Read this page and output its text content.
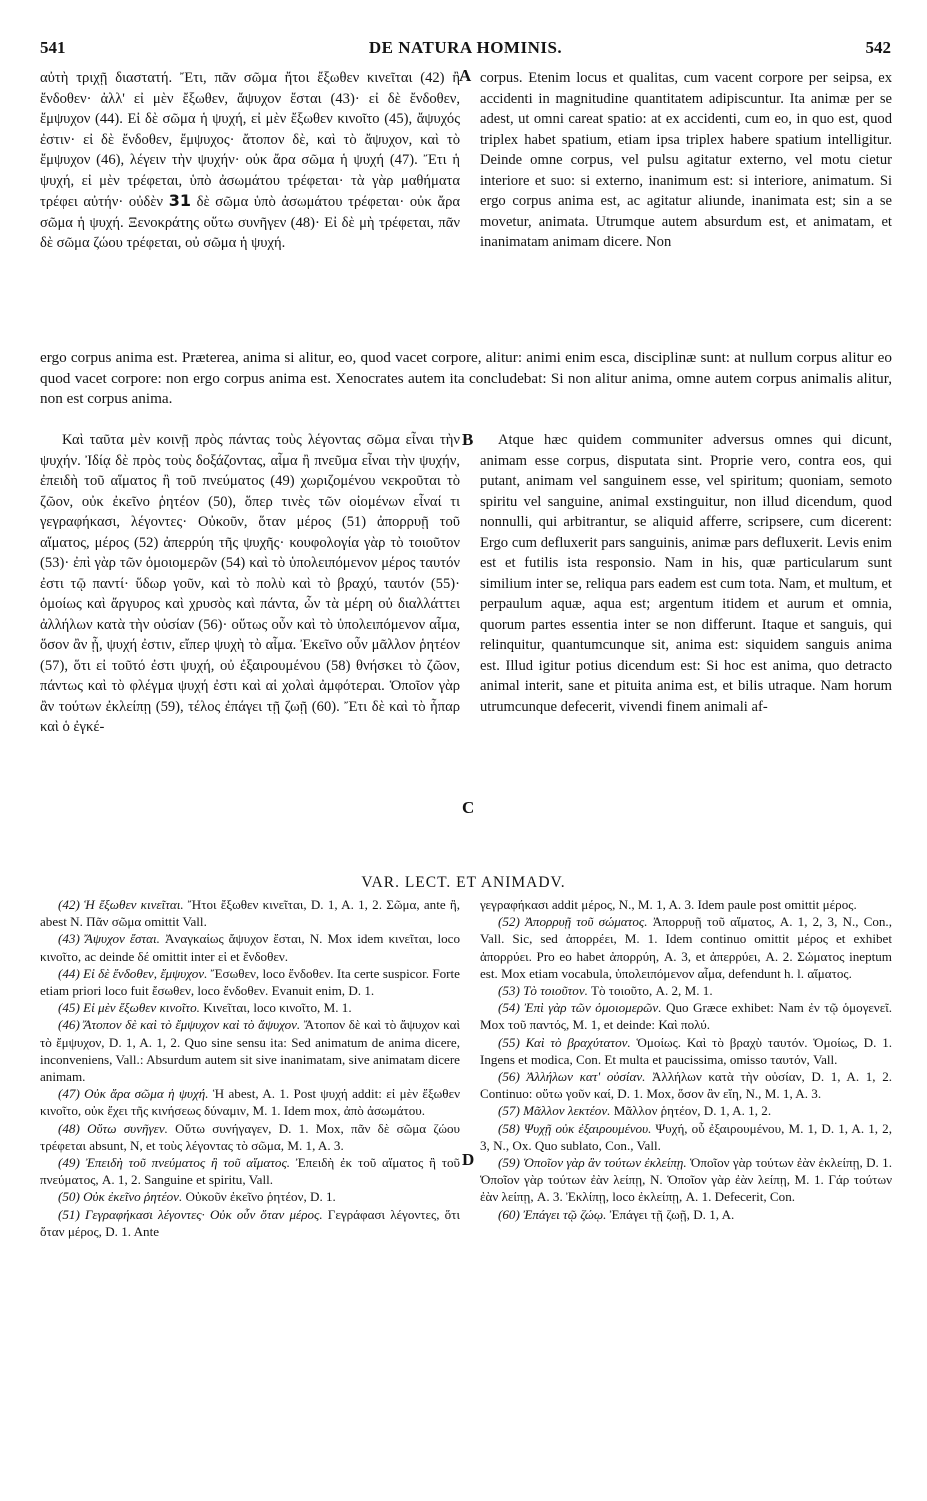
541	DE NATURA HOMINIS.	542
αὐτὴ τριχῇ διαστατή. Ἔτι, πᾶν σῶμα ἤτοι ἔξωθεν κινεῖται (42) ἢ ἔνδοθεν· ἀλλ' εἰ μὲν ἔξωθεν, ἄψυχον ἔσται (43)· εἰ δὲ ἔνδοθεν, ἔμψυχον (44). Εἰ δὲ σῶμα ἡ ψυχή, εἰ μὲν ἔξωθεν κινοῖτο (45), ἄψυχός ἐστιν· εἰ δὲ ἔνδοθεν, ἔμψυχος· ἄτοπον δὲ, καὶ τὸ ἄψυχον, καὶ τὸ ἔμψυχον (46), λέγειν τὴν ψυχήν· οὐκ ἄρα σῶμα ἡ ψυχή (47). Ἔτι ἡ ψυχή, εἰ μὲν τρέφεται, ὑπὸ ἀσωμάτου τρέφεται· τὰ γὰρ μαθήματα τρέφει αὐτήν· οὐδὲν 31 δὲ σῶμα ὑπὸ ἀσωμάτου τρέφεται· οὐκ ἄρα σῶμα ἡ ψυχή. Ξενοκράτης οὕτω συνῆγεν (48)· Εἰ δὲ μὴ τρέφεται, πᾶν δὲ σῶμα ζώου τρέφεται, οὐ σῶμα ἡ ψυχή.
A corpus. Etenim locus et qualitas, cum vacent corpore per seipsa, ex accidenti in magnitudine quantitatem adipiscuntur. Ita animæ per se adest, ut omni careat spatio: at ex accidenti, cum eo, in quo est, quod triplex habet spatium, etiam ipsa triplex habere spatium intelligitur. Deinde omne corpus, vel pulsu agitatur externo, vel motu cietur interiore et suo: si externo, inanimum est: si interiore, animatum. Si ergo corpus anima est, ac agitatur aliunde, inanimata est; sin a se movetur, animata. Utrumque autem absurdum est, et animatam, et inanimatam animam dicere. Non
ergo corpus anima est. Præterea, anima si alitur, eo, quod vacet corpore, alitur: animi enim esca, disciplinæ sunt: at nullum corpus alitur eo quod vacet corpore: non ergo corpus anima est. Xenocrates autem ita concludebat: Si non alitur anima, omne autem corpus animalis alitur, non est corpus anima.
Καὶ ταῦτα μὲν κοινῇ πρὸς πάντας τοὺς λέγοντας σῶμα εἶναι τὴν ψυχήν. Ἰδίᾳ δὲ πρὸς τοὺς δοξάζοντας, αἷμα ἢ πνεῦμα εἶναι τὴν ψυχήν, ἐπειδὴ τοῦ αἵματος ἢ τοῦ πνεύματος (49) χωριζομένου νεκροῦται τὸ ζῶον, οὐκ ἐκεῖνο ῥητέον (50), ὅπερ τινὲς τῶν οἰομένων εἶναί τι γεγραφήκασι, λέγοντες· Οὐκοῦν, ὅταν μέρος (51) ἀπορρυῇ τοῦ αἵματος, μέρος (52) ἀπερρύη τῆς ψυχῆς· κουφολογία γὰρ τὸ τοιοῦτον (53)· ἐπὶ γὰρ τῶν ὁμοιομερῶν (54) καὶ τὸ ὑπολειπόμενον μέρος ταυτόν ἐστι τῷ παντί· ὕδωρ γοῦν, καὶ τὸ πολὺ καὶ τὸ βραχύ, ταυτόν (55)· ὁμοίως καὶ ἄργυρος καὶ χρυσὸς καὶ πάντα, ὧν τὰ μέρη οὐ διαλλάττει ἀλλήλων κατὰ τὴν οὐσίαν (56)· οὕτως οὖν καὶ τὸ ὑπολειπόμενον αἷμα, ὅσον ἂν ᾖ, ψυχή ἐστιν, εἴπερ ψυχὴ τὸ αἷμα. Ἐκεῖνο οὖν μᾶλλον ῥητέον (57), ὅτι εἰ τοῦτό ἐστι ψυχή, οὐ ἐξαιρουμένου (58) θνήσκει τὸ ζῶον, πάντως καὶ τὸ φλέγμα ψυχή ἐστι καὶ αἱ χολαὶ ἀμφότεραι. Ὁποῖον γὰρ ἂν τούτων ἐκλείπῃ (59), τέλος ἐπάγει τῇ ζωῇ (60). Ἔτι δὲ καὶ τὸ ἧπαρ καὶ ὁ ἐγκέ-
B
C
Atque hæc quidem communiter adversus omnes qui dicunt, animam esse corpus, disputata sint. Proprie vero, contra eos, qui putant, animam vel sanguinem esse, vel spiritum; quoniam, semoto spiritu vel sanguine, animal exstinguitur, non illud dicendum, quod nonnulli, qui arbitrantur, se aliquid afferre, scripsere, cum dicerent: Ergo cum defluxerit pars sanguinis, animæ pars defluxerit. Levis enim est et futilis ista responsio. Nam in his, quæ particularum sunt similium inter se, reliqua pars eadem est cum tota. Nam, et multum, et perpaulum aquæ, aqua est; argentum itidem et aurum et omnia, quorum partes essentia inter se non differunt. Itaque et sanguis, qui relinquitur, quantumcunque sit, anima est: siquidem sanguis anima est. Illud igitur potius dicendum est: Si hoc est anima, quo detracto animal interit, sane et pituita anima est, et bilis utraque. Nam horum utrumcunque defecerit, vivendi finem animali af-
VAR. LECT. ET ANIMADV.
D

(42) Ἡ ἔξωθεν κινεῖται. Ἤτοι ἔξωθεν κινεῖται, D. 1, A. 1, 2. Σῶμα, ante ἢ, abest N. Πᾶν σῶμα omittit Vall.

(43) Ἄψυχον ἔσται. Ἀναγκαίως ἄψυχον ἔσται, N. Mox idem κινεῖται, loco κινοῖτο, ac deinde δέ omittit inter εἰ et ἔνδοθεν.

(44) Εἰ δὲ ἔνδοθεν, ἔμψυχον. Ἔσωθεν, loco ἔνδοθεν. Ita certe suspicor. Forte etiam priori loco fuit ἔσωθεν, loco ἔνδοθεν. Evanuit enim, D. 1.

(45) Εἰ μὲν ἔξωθεν κινοῖτο. Κινεῖται, loco κινοῖτο, M. 1.

(46) Ἄτοπον δὲ καὶ τὸ ἔμψυχον καὶ τὸ ἄψυχον. Ἄτοπον δὲ καὶ τὸ ἄψυχον καὶ τὸ ἔμψυχον, D. 1, A. 1, 2. Quo sine sensu ita: Sed animatum de anima dicere, inconveniens, Vall.: Absurdum autem sit sive inanimatam, sive animatam dicere animam.

(47) Οὐκ ἄρα σῶμα ἡ ψυχή. Ἡ abest, A. 1. Post ψυχή addit: εἰ μὲν ἔξωθεν κινοῖτο, οὐκ ἔχει τῆς κινήσεως δύναμιν, M. 1. Idem mox, ἀπὸ ἀσωμάτου.

(48) Οὕτω συνῆγεν. Οὕτω συνήγαγεν, D. 1. Mox, πᾶν δὲ σῶμα ζώου τρέφεται absunt, N, et τοὺς λέγοντας τὸ σῶμα, M. 1, A. 3.

(49) Ἐπειδὴ τοῦ πνεύματος ἢ τοῦ αἵματος. Ἐπειδὴ ἐκ τοῦ αἵματος ἢ τοῦ πνεύματος, A. 1, 2. Sanguine et spiritu, Vall.

(50) Οὐκ ἐκεῖνο ῥητέον. Οὐκοῦν ἐκεῖνο ῥητέον, D. 1.

(51) Γεγραφήκασι λέγοντες· Οὐκ οὖν ὅταν μέρος. Γεγράφασι λέγοντες, ὅτι ὅταν μέρος, D. 1. Ante

γεγραφήκασι addit μέρος, N., M. 1, A. 3. Idem paule post omittit μέρος.

(52) Ἀπορρυῇ τοῦ σώματος. Ἀπορρυῇ τοῦ αἵματος, A. 1, 2, 3, N., Con., Vall. Sic, sed ἀπορρέει, M. 1. Idem continuo omittit μέρος et exhibet ἀπορρύει. Pro eo habet ἀπορρύη, A. 3, et ἀπερρύει, A. 2. Σώματος ineptum est. Mox etiam vocabula, ὑπολειπόμενον αἷμα, defendunt h. l. αἵματος.

(53) Τὸ τοιοῦτον. Τὸ τοιοῦτο, A. 2, M. 1.

(54) Ἐπὶ γὰρ τῶν ὁμοιομερῶν. Quo Græce exhibet: Nam ἐν τῷ ὁμογενεῖ. Mox τοῦ παντός, M. 1, et deinde: Καὶ πολύ.

(55) Καὶ τὸ βραχύτατον. Ὁμοίως. Καὶ τὸ βραχὺ ταυτόν. Ὁμοίως, D. 1. Ingens et modica, Con. Et multa et paucissima, omisso ταυτόν, Vall.

(56) Ἀλλήλων κατ' οὐσίαν. Ἀλλήλων κατὰ τὴν οὐσίαν, D. 1, A. 1, 2. Continuo: οὕτω γοῦν καί, D. 1. Mox, ὅσον ἂν εἴη, N., M. 1, A. 3.

(57) Μᾶλλον λεκτέον. Μᾶλλον ῥητέον, D. 1, A. 1, 2.

(58) Ψυχῇ οὐκ ἐξαιρουμένου. Ψυχή, οὗ ἐξαιρουμένου, M. 1, D. 1, A. 1, 2, 3, N., Ox. Quo sublato, Con., Vall.

(59) Ὁποῖον γὰρ ἂν τούτων ἐκλείπῃ. Ὁποῖον γὰρ τούτων ἐὰν ἐκλείπῃ, D. 1. Ὁποῖον γὰρ τούτων ἐὰν λείπῃ, N. Ὁποῖον γὰρ ἐὰν λείπῃ, M. 1. Γάρ τούτων ἐὰν λείπῃ, A. 3. Ἐκλίπῃ, loco ἐκλείπῃ, A. 1. Defecerit, Con.

(60) Ἐπάγει τῷ ζώῳ. Ἐπάγει τῇ ζωῇ, D. 1, A.
